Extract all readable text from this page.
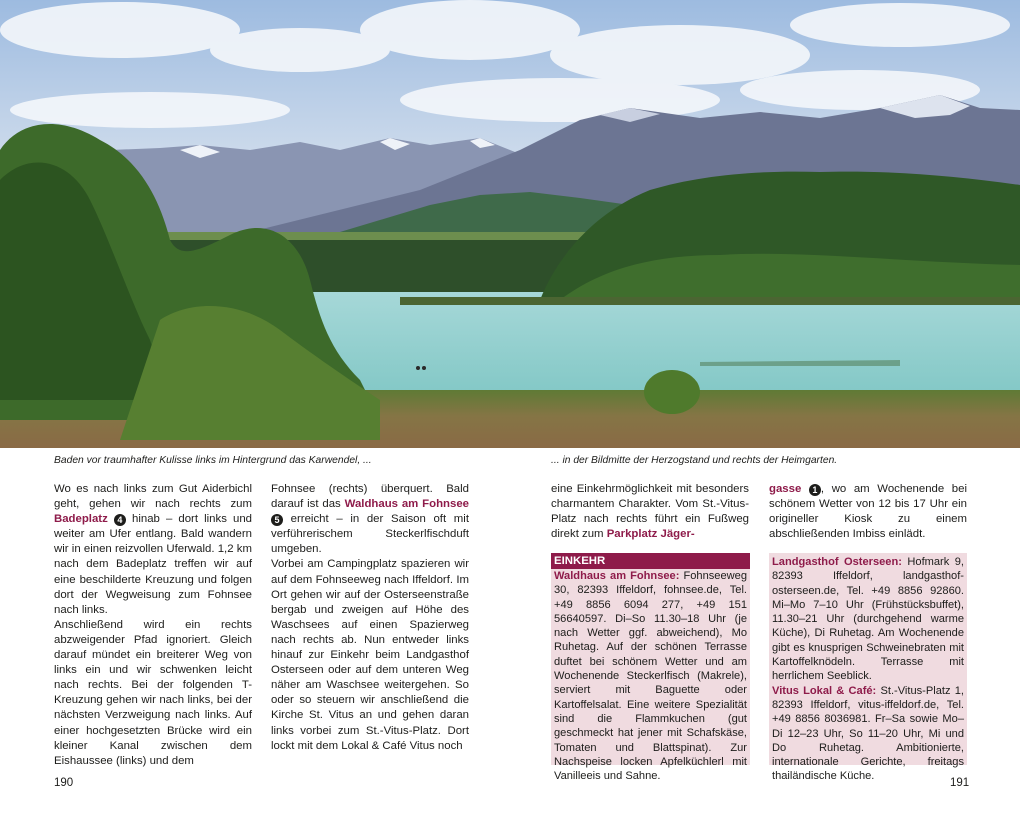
Baden vor traumhafter Kulisse links im Hintergrund das Karwendel, ...	... in der Bildmitte der Herzogstand und rechts der Heimgarten.

Wo es nach links zum Gut Aiderbichl geht, gehen wir nach rechts zum Badeplatz 4 hinab – dort links und weiter am Ufer entlang. Bald wandern wir in einen reizvollen Uferwald. 1,2 km nach dem Badeplatz treffen wir auf eine beschilderte Kreuzung und folgen dort der Wegweisung zum Fohnsee nach links.

Anschließend wird ein rechts abzweigender Pfad ignoriert. Gleich darauf mündet ein breiterer Weg von links ein und wir schwenken leicht nach rechts. Bei der folgenden T-Kreuzung gehen wir nach links, bei der nächsten Verzweigung nach links. Auf einer hochgesetzten Brücke wird ein kleiner Kanal zwischen dem Eishaussee (links) und dem

Fohnsee (rechts) überquert. Bald darauf ist das Waldhaus am Fohnsee 5 erreicht – in der Saison oft mit verführerischem Steckerlfischduft umgeben.

Vorbei am Campingplatz spazieren wir auf dem Fohnseeweg nach Iffeldorf. Im Ort gehen wir auf der Osterseenstraße bergab und zweigen auf Höhe des Waschsees auf einen Spazierweg nach rechts ab. Nun entweder links hinauf zur Einkehr beim Landgasthof Osterseen oder auf dem unteren Weg näher am Waschsee weitergehen. So oder so steuern wir anschließend die Kirche St. Vitus an und gehen daran links vorbei zum St.-Vitus-Platz. Dort lockt mit dem Lokal & Café Vitus noch

eine Einkehrmöglichkeit mit besonders charmantem Charakter. Vom St.-Vitus-Platz nach rechts führt ein Fußweg direkt zum Parkplatz Jäger-

gasse 1 , wo am Wochenende bei schönem Wetter von 12 bis 17 Uhr ein origineller Kiosk zu einem abschließenden Imbiss einlädt.

EINKEHR

Waldhaus am Fohnsee: Fohnseeweg 30, 82393 Iffeldorf, fohnsee.de, Tel. +49 8856 6094 277, +49 151 56640597. Di–So 11.30–18 Uhr (je nach Wetter ggf. abweichend), Mo Ruhetag. Auf der schönen Terrasse duftet bei schönem Wetter und am Wochenende Steckerlfisch (Makrele), serviert mit Baguette oder Kartoffelsalat. Eine weitere Spezialität sind die Flammkuchen (gut geschmeckt hat jener mit Schafskäse, Tomaten und Blattspinat). Zur Nachspeise locken Apfelküchlerl mit Vanilleeis und Sahne.

Landgasthof Osterseen: Hofmark 9, 82393 Iffeldorf, landgasthof-osterseen.de, Tel. +49 8856 92860. Mi–Mo 7–10 Uhr (Frühstücksbuffet), 11.30–21 Uhr (durchgehend warme Küche), Di Ruhetag. Am Wochenende gibt es knusprigen Schweinebraten mit Kartoffelknödeln. Terrasse mit herrlichem Seeblick.

Vitus Lokal & Café: St.-Vitus-Platz 1, 82393 Iffeldorf, vitus-iffeldorf.de, Tel. +49 8856 8036981. Fr–Sa sowie Mo–Di 12–23 Uhr, So 11–20 Uhr, Mi und Do Ruhetag. Ambitionierte, internationale Gerichte, freitags thailändische Küche.

190	191
